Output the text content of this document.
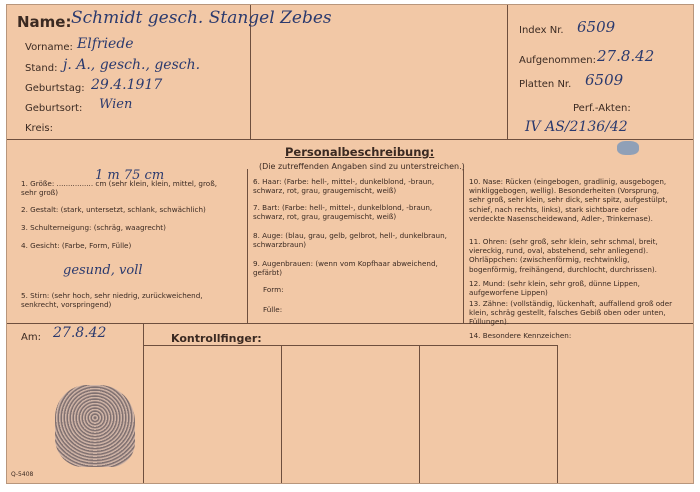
Name: Schmidt gesch. Stangel Zebes
Vorname: Elfriede
Stand: j. A., gesch., gesch.
Geburtstag: 29.4.1917
Geburtsort: Wien
Kreis:
Index Nr. 6509
Aufgenommen: 27.8.42
Platten Nr. 6509
Perf.-Akten:
IV AS/2136/42
Personalbeschreibung:
(Die zutreffenden Angaben sind zu unterstreichen.)
1. Größe: ................ cm (sehr klein, klein, mittel, groß, sehr groß)
1 m 75 cm
2. Gestalt: (stark, untersetzt, schlank, schwächlich)
3. Schulterneigung: (schräg, waagrecht)
4. Gesicht: (Farbe, Form, Fülle)
gesund, voll
5. Stirn: (sehr hoch, sehr niedrig, zurückweichend, senkrecht, vorspringend)
6. Haar: (Farbe: hell-, mittel-, dunkelblond, -braun, schwarz, rot, grau, graugemischt, weiß)
7. Bart: (Farbe: hell-, mittel-, dunkelblond, -braun, schwarz, rot, grau, graugemischt, weiß)
8. Auge: (blau, grau, gelb, gelbrot, hell-, dunkelbraun, schwarzbraun)
9. Augenbrauen: (wenn vom Kopfhaar abweichend, gefärbt)
Form:
Fülle:
10. Nase: Rücken (eingebogen, gradlinig, ausgebogen, winkliggebogen, wellig). Besonderheiten (Vorsprung, sehr groß, sehr klein, sehr dick, sehr spitz, aufgestülpt, schief, nach rechts, links), stark sichtbare oder verdeckte Nasenscheidewand, Adler-, Trinkernase).
11. Ohren: (sehr groß, sehr klein, sehr schmal, breit, viereckig, rund, oval, abstehend, sehr anliegend). Ohrläppchen: (zwischenförmig, rechtwinklig, bogenförmig, freihängend, durchlocht, durchrissen).
12. Mund: (sehr klein, sehr groß, dünne Lippen, aufgeworfene Lippen)
13. Zähne: (vollständig, lückenhaft, auffallend groß oder klein, schräg gestellt, falsches Gebiß oben oder unten, Füllungen).
14. Besondere Kennzeichen:
Am: 27.8.42	Kontrollfinger:
Q-5408
